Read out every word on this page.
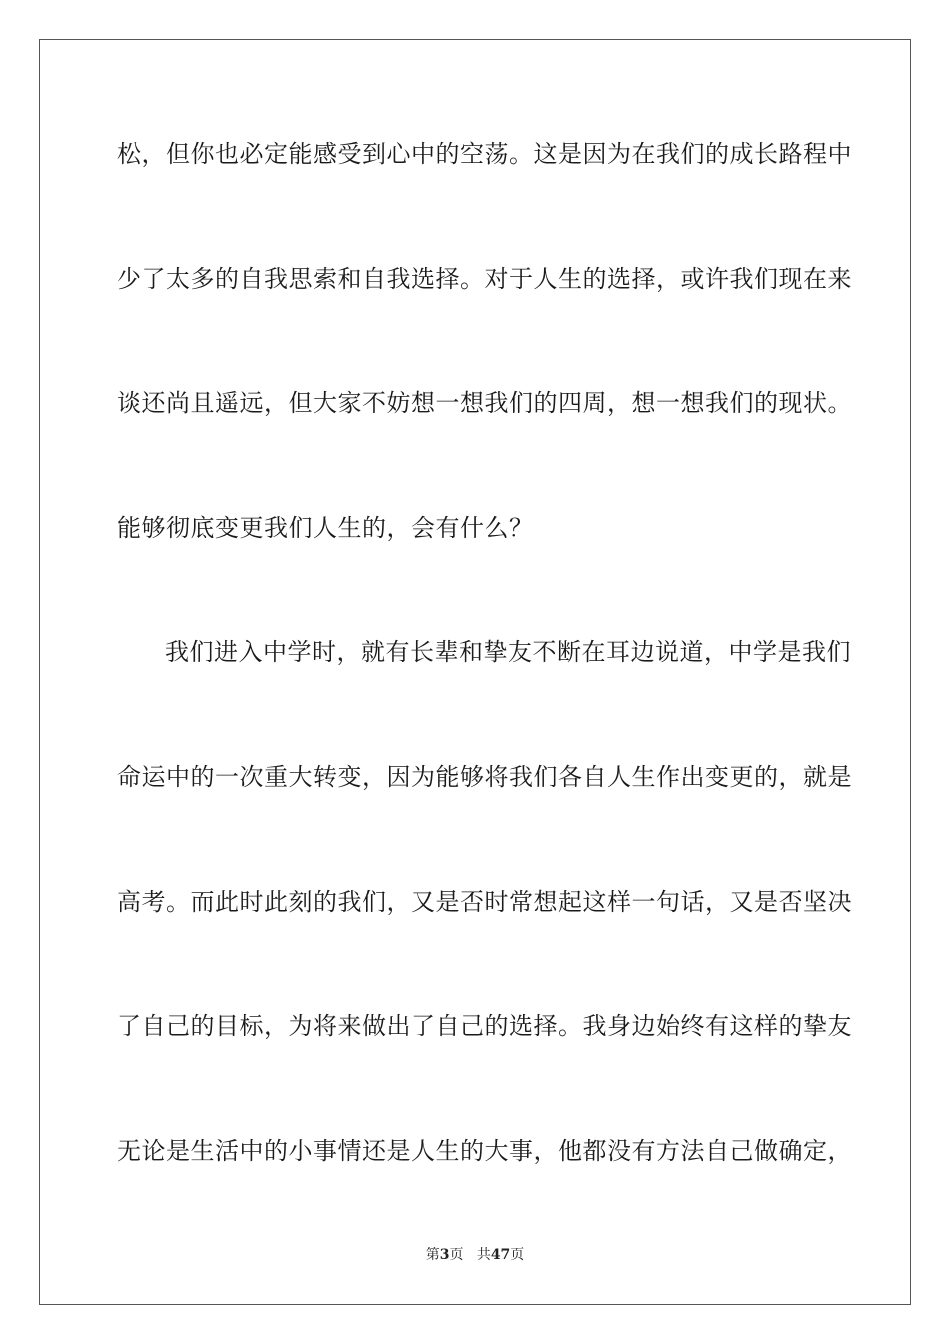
松，但你也必定能感受到心中的空荡。这是因为在我们的成长路程中
少了太多的自我思索和自我选择。对于人生的选择，或许我们现在来
谈还尚且遥远，但大家不妨想一想我们的四周，想一想我们的现状。
能够彻底变更我们人生的，会有什么？
我们进入中学时，就有长辈和挚友不断在耳边说道，中学是我们
命运中的一次重大转变，因为能够将我们各自人生作出变更的，就是
高考。而此时此刻的我们，又是否时常想起这样一句话，又是否坚决
了自己的目标，为将来做出了自己的选择。我身边始终有这样的挚友
无论是生活中的小事情还是人生的大事，他都没有方法自己做确定，
第3页 共47页
